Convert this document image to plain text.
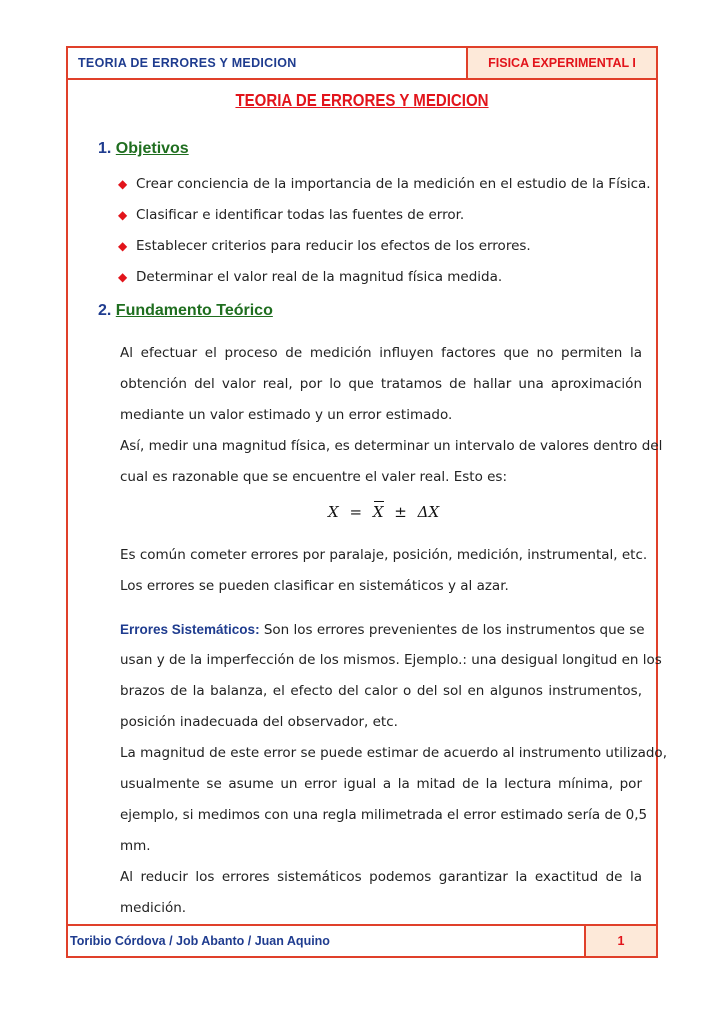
TEORIA DE ERRORES Y MEDICION	FISICA EXPERIMENTAL I
TEORIA DE ERRORES Y MEDICION
1. Objetivos
◆ Crear conciencia de la importancia de la medición en el estudio de la Física.
◆ Clasificar e identificar todas las fuentes de error.
◆ Establecer criterios para reducir los efectos de los errores.
◆ Determinar el valor real de la magnitud física medida.
2. Fundamento Teórico
Al efectuar el proceso de medición influyen factores que no permiten la
obtención del valor real, por lo que tratamos de hallar una aproximación
mediante un valor estimado y un error estimado.
Así, medir una magnitud física, es determinar un intervalo de valores dentro del
cual es razonable que se encuentre el valer real. Esto es:
X = X ± ΔX
Es común cometer errores por paralaje, posición, medición, instrumental, etc.
Los errores se pueden clasificar en sistemáticos y al azar.
Errores Sistemáticos: Son los errores prevenientes de los instrumentos que se
usan y de la imperfección de los mismos. Ejemplo.: una desigual longitud en los
brazos de la balanza, el efecto del calor o del sol en algunos instrumentos,
posición inadecuada del observador, etc.
La magnitud de este error se puede estimar de acuerdo al instrumento utilizado,
usualmente se asume un error igual a la mitad de la lectura mínima, por
ejemplo, si medimos con una regla milimetrada el error estimado sería de 0,5
mm.
Al reducir los errores sistemáticos podemos garantizar la exactitud de la
medición.
Toribio Córdova / Job Abanto / Juan Aquino	1
